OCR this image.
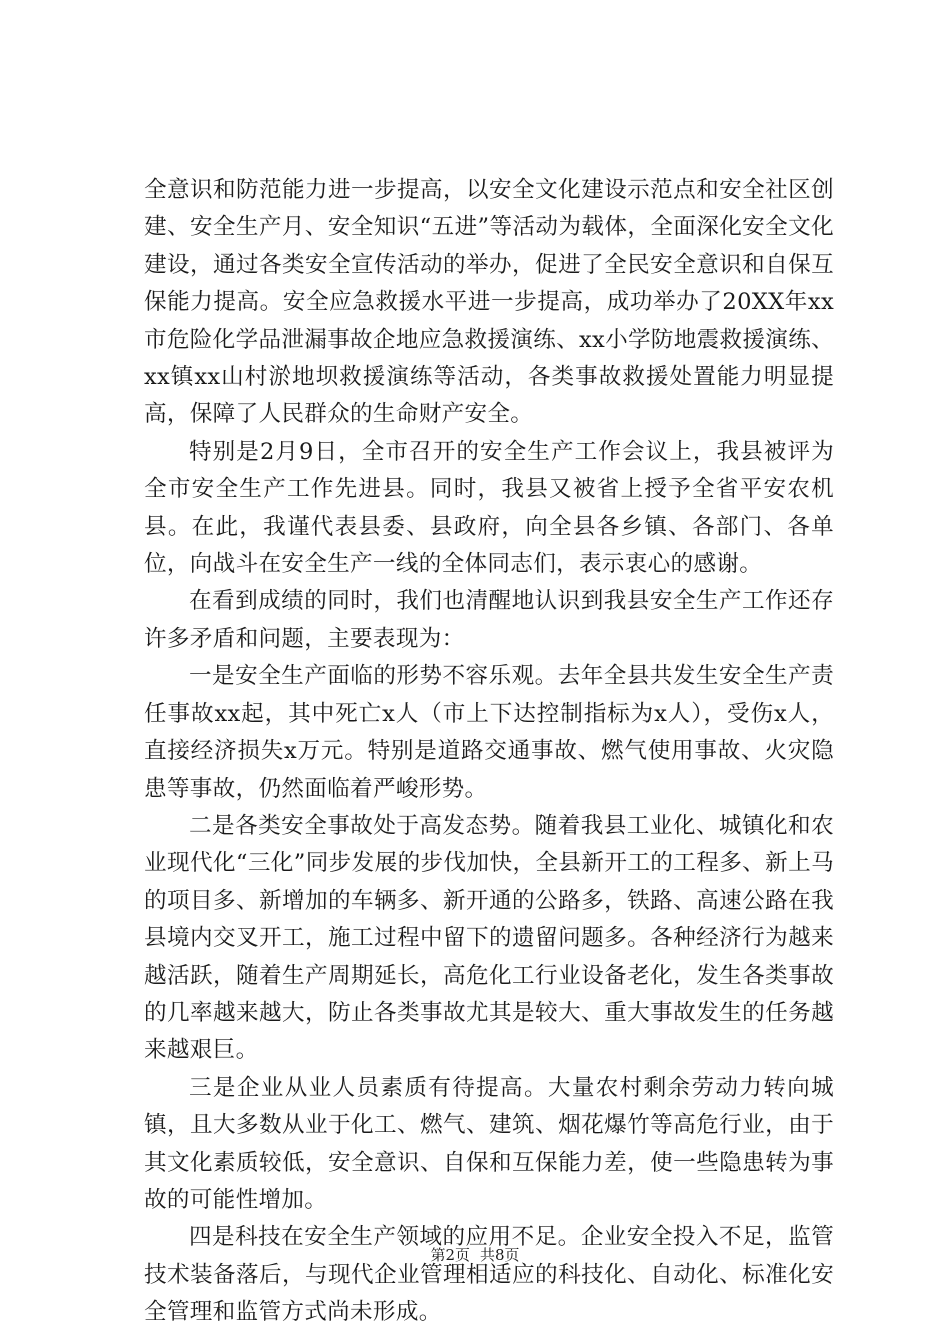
全意识和防范能力进一步提高，以安全文化建设示范点和安全社区创建、安全生产月、安全知识“五进”等活动为载体，全面深化安全文化建设，通过各类安全宣传活动的举办，促进了全民安全意识和自保互保能力提高。安全应急救援水平进一步提高，成功举办了20XX年xx市危险化学品泄漏事故企地应急救援演练、xx小学防地震救援演练、xx镇xx山村淤地坝救援演练等活动，各类事故救援处置能力明显提高，保障了人民群众的生命财产安全。

特别是2月9日，全市召开的安全生产工作会议上，我县被评为全市安全生产工作先进县。同时，我县又被省上授予全省平安农机县。在此，我谨代表县委、县政府，向全县各乡镇、各部门、各单位，向战斗在安全生产一线的全体同志们，表示衷心的感谢。

在看到成绩的同时，我们也清醒地认识到我县安全生产工作还存许多矛盾和问题，主要表现为：

一是安全生产面临的形势不容乐观。去年全县共发生安全生产责任事故xx起，其中死亡x人（市上下达控制指标为x人），受伤x人，直接经济损失x万元。特别是道路交通事故、燃气使用事故、火灾隐患等事故，仍然面临着严峻形势。

二是各类安全事故处于高发态势。随着我县工业化、城镇化和农业现代化“三化”同步发展的步伐加快，全县新开工的工程多、新上马的项目多、新增加的车辆多、新开通的公路多，铁路、高速公路在我县境内交叉开工，施工过程中留下的遗留问题多。各种经济行为越来越活跃，随着生产周期延长，高危化工行业设备老化，发生各类事故的几率越来越大，防止各类事故尤其是较大、重大事故发生的任务越来越艰巨。

三是企业从业人员素质有待提高。大量农村剩余劳动力转向城镇，且大多数从业于化工、燃气、建筑、烟花爆竹等高危行业，由于其文化素质较低，安全意识、自保和互保能力差，使一些隐患转为事故的可能性增加。

四是科技在安全生产领域的应用不足。企业安全投入不足，监管技术装备落后，与现代企业管理相适应的科技化、自动化、标准化安全管理和监管方式尚未形成。

第2页 共8页
